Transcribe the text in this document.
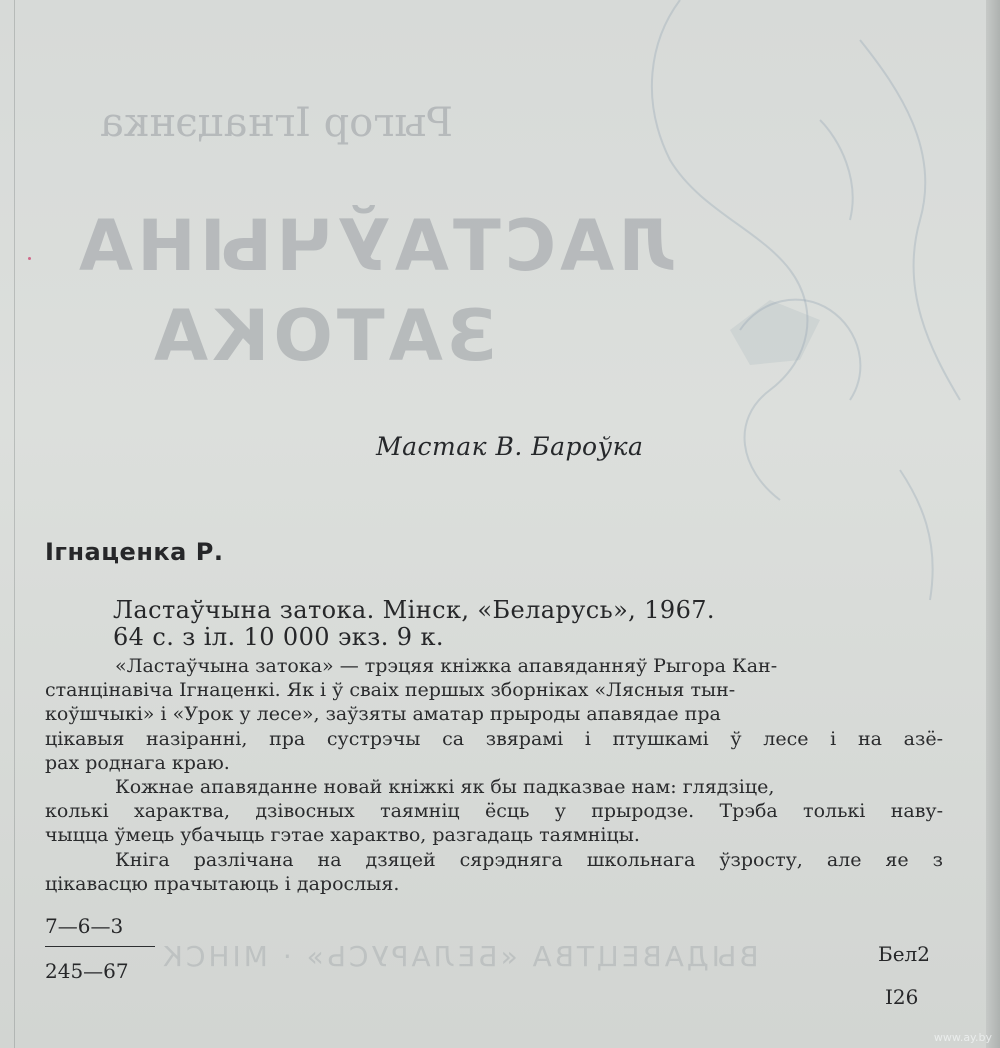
Рыгор Ігнацэнка
ЛАСТАЎЧЫНА
ЗАТОКА
ВЫДАВЕЦТВА «БЕЛАРУСЬ» · МІНСК
Мастак В. Бароўка
Ігнаценка Р.
Ластаўчына затока. Мінск, «Беларусь», 1967.
64 с. з іл. 10 000 экз. 9 к.
«Ластаўчына затока» — трэцяя кніжка апавяданняў Рыгора Кан-
станцінавіча Ігнаценкі. Як і ў сваіх першых зборніках «Лясныя тын-
коўшчыкі» і «Урок у лесе», заўзяты аматар прыроды апавядае пра
цікавыя назіранні, пра сустрэчы са звярамі і птушкамі ў лесе і на азё-
рах роднага краю.
Кожнае апавяданне новай кніжкі як бы падказвае нам: глядзіце,
колькі характва, дзівосных таямніц ёсць у прыродзе. Трэба толькі наву-
чыцца ўмець убачыць гэтае характво, разгадаць таямніцы.
Кніга разлічана на дзяцей сярэдняга школьнага ўзросту, але яе з
цікавасцю прачытаюць і дарослыя.
7—6—3
245—67
Бел2
І26
www.ay.by
